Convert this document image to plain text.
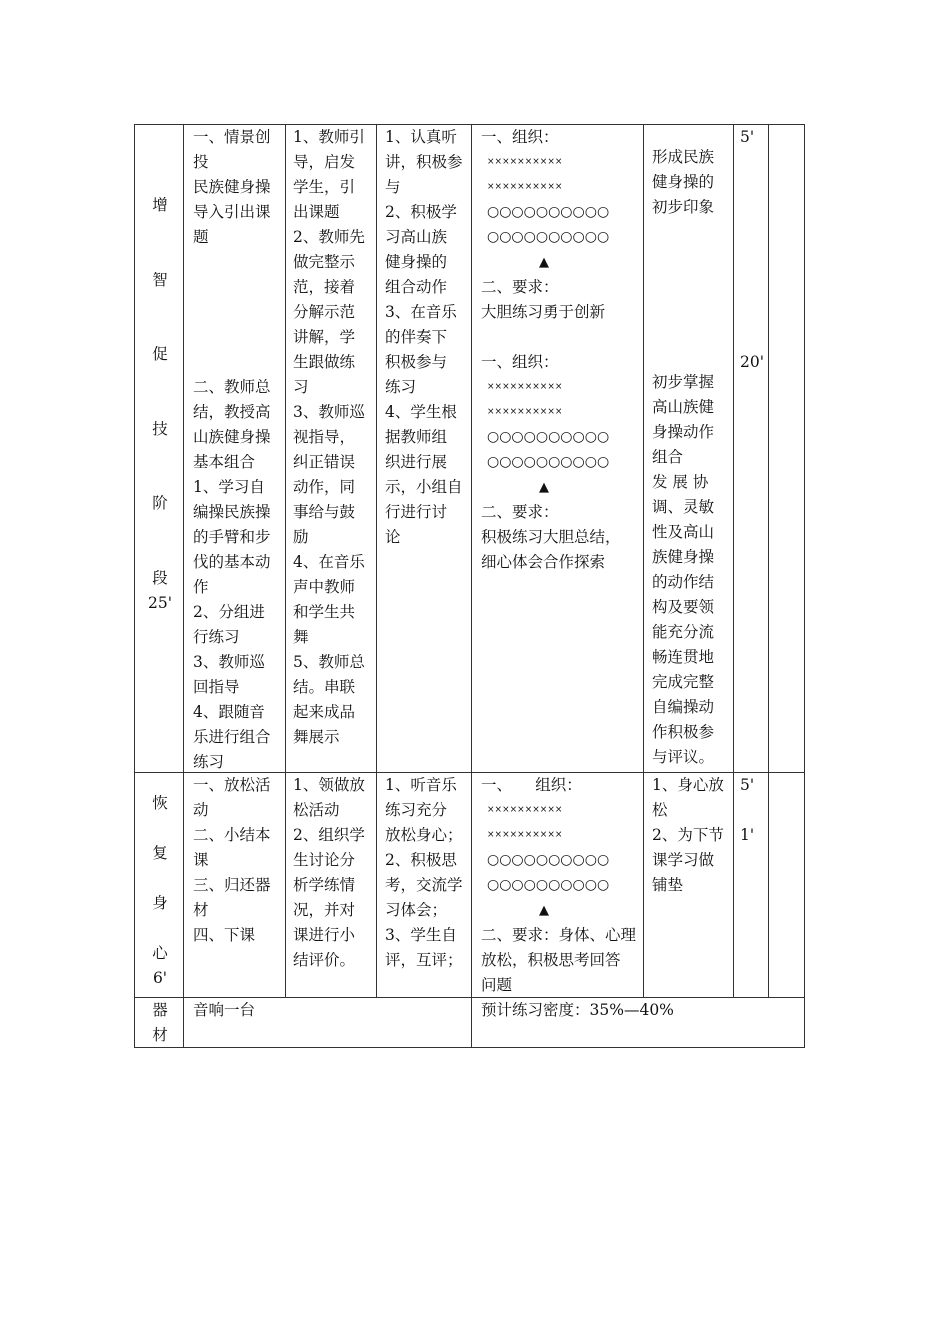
增
智
促
技
阶
段
25'
恢
复
身
心
6'
一、情景创
投
民族健身操
导入引出课
题

二、教师总
结，教授高
山族健身操
基本组合
1、学习自
编操民族操
的手臂和步
伐的基本动
作
2、分组进
行练习
3、教师巡
回指导
4、跟随音
乐进行组合
练习
1、教师引
导，启发
学生，引
出课题
2、教师先
做完整示
范，接着
分解示范
讲解，学
生跟做练
习
3、教师巡
视指导，
纠正错误
动作，同
事给与鼓
励
4、在音乐
声中教师
和学生共
舞
5、教师总
结。串联
起来成品
舞展示
1、认真听
讲，积极参
与
2、积极学
习高山族
健身操的
组合动作
3、在音乐
的伴奏下
积极参与
练习
4、学生根
据教师组
织进行展
示，小组自
行进行讨
论
一、组织：
××××××××××
××××××××××
○○○○○○○○○○
○○○○○○○○○○
▲
二、要求：
大胆练习勇于创新

一、组织：
××××××××××
××××××××××
○○○○○○○○○○
○○○○○○○○○○
▲
二、要求：
积极练习大胆总结，
细心体会合作探索
形成民族
健身操的
初步印象

初步掌握
高山族健
身操动作
组合
发 展 协
调、灵敏
性及高山
族健身操
的动作结
构及要领
能充分流
畅连贯地
完成完整
自编操动
作积极参
与评议。
5'

20'
一、放松活
动
二、小结本
课
三、归还器
材
四、下课
1、领做放
松活动
2、组织学
生讨论分
析学练情
况，并对
课进行小
结评价。
1、听音乐
练习充分
放松身心；
2、积极思
考，交流学
习体会；
3、学生自
评，互评；
一、　　组织：
××××××××××
××××××××××
○○○○○○○○○○
○○○○○○○○○○
▲
二、要求：身体、心理
放松，积极思考回答
问题
1、身心放
松
2、为下节
课学习做
铺垫
5'

1'
器
材
音响一台	预计练习密度：35%—40%
